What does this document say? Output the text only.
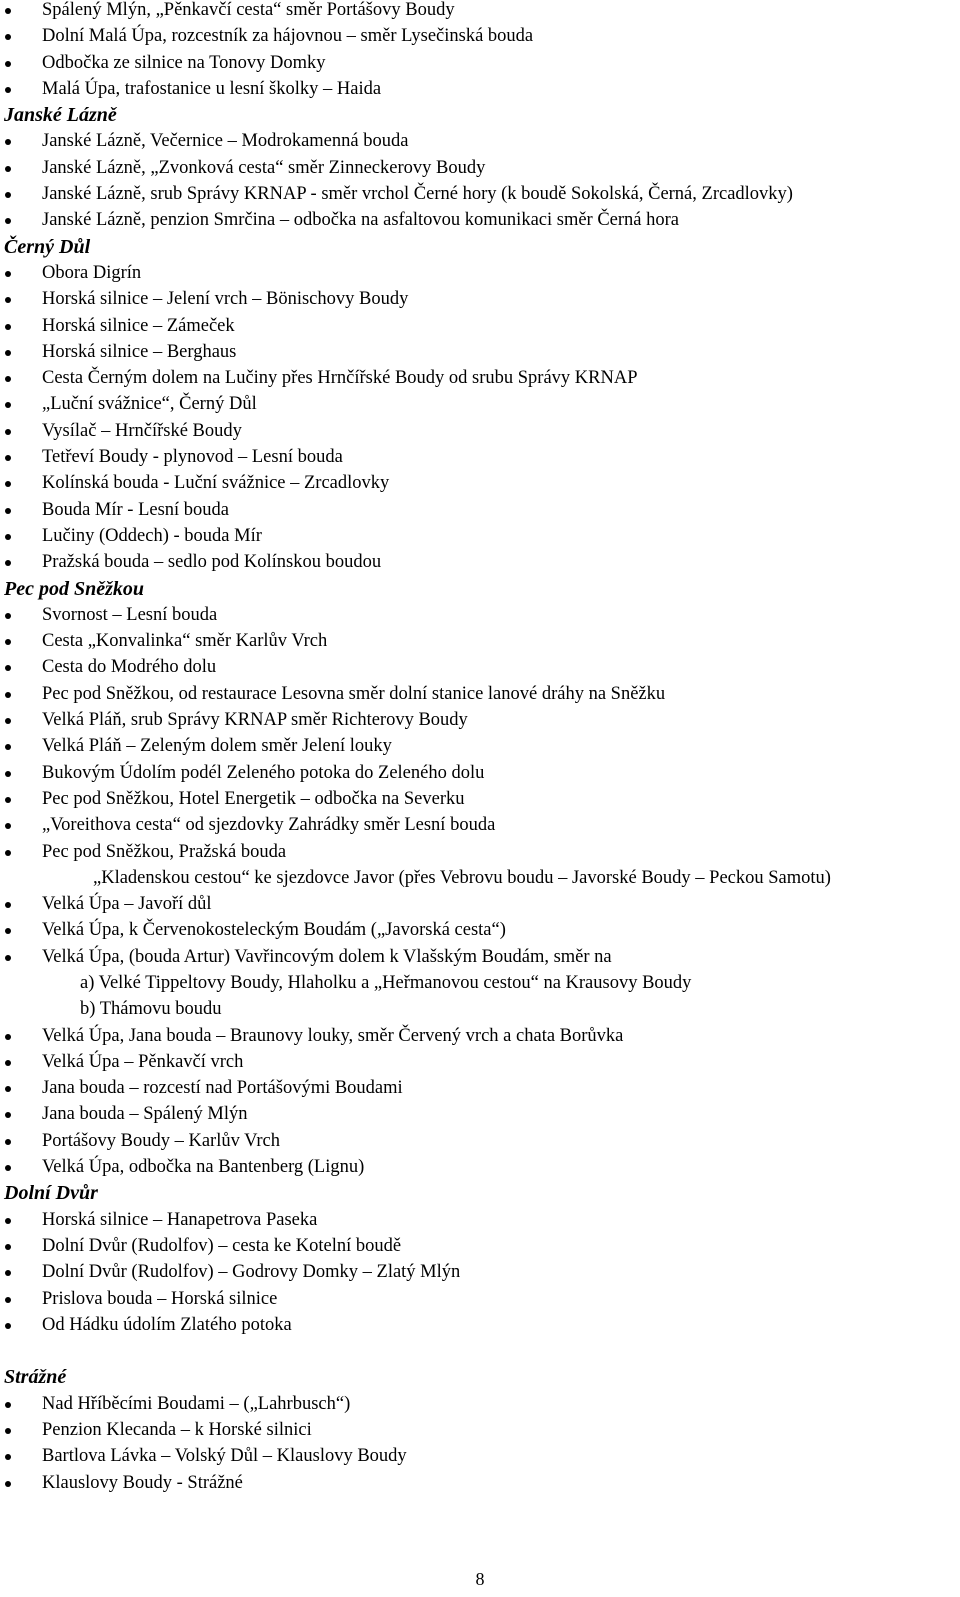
Spálený Mlýn, „Pěnkavčí cesta“ směr Portášovy Boudy
Dolní Malá Úpa, rozcestník za hájovnou – směr Lysečinská bouda
Odbočka ze silnice na Tonovy Domky
Malá Úpa, trafostanice u lesní školky – Haida
Janské Lázně
Janské Lázně, Večernice – Modrokamenná bouda
Janské Lázně, „Zvonková cesta“ směr Zinneckerovy Boudy
Janské Lázně, srub Správy KRNAP - směr vrchol Černé hory (k boudě Sokolská, Černá, Zrcadlovky)
Janské Lázně, penzion Smrčina – odbočka na asfaltovou komunikaci směr Černá hora
Černý Důl
Obora Digrín
Horská silnice – Jelení vrch – Bönischovy Boudy
Horská silnice – Zámeček
Horská silnice – Berghaus
Cesta Černým dolem na Lučiny přes Hrnčířské Boudy od srubu Správy KRNAP
„Luční svážnice“, Černý Důl
Vysílač – Hrnčířské Boudy
Tetřeví Boudy - plynovod – Lesní bouda
Kolínská bouda - Luční svážnice – Zrcadlovky
Bouda Mír - Lesní bouda
Lučiny (Oddech) - bouda Mír
Pražská bouda – sedlo pod Kolínskou boudou
Pec pod Sněžkou
Svornost – Lesní bouda
Cesta „Konvalinka“ směr Karlův Vrch
Cesta do Modrého dolu
Pec pod Sněžkou, od restaurace Lesovna směr dolní stanice lanové dráhy na Sněžku
Velká Pláň, srub Správy KRNAP směr Richterovy Boudy
Velká Pláň – Zeleným dolem směr Jelení louky
Bukovým Údolím podél Zeleného potoka do Zeleného dolu
Pec pod Sněžkou, Hotel Energetik – odbočka na Severku
„Voreithova cesta“ od sjezdovky Zahrádky směr Lesní bouda
Pec pod Sněžkou, Pražská bouda
„Kladenskou cestou“ ke sjezdovce Javor (přes Vebrovu boudu – Javorské Boudy – Peckou Samotu)
Velká Úpa – Javoří důl
Velká Úpa, k Červenokosteleckým Boudám („Javorská cesta“)
Velká Úpa, (bouda Artur) Vavřincovým dolem k Vlašským Boudám, směr na
a) Velké Tippeltovy Boudy, Hlaholku a „Heřmanovou cestou“ na Krausovy Boudy
b) Thámovu boudu
Velká Úpa, Jana bouda – Braunovy louky, směr Červený vrch a chata Borůvka
Velká Úpa – Pěnkavčí vrch
Jana bouda – rozcestí nad Portášovými Boudami
Jana bouda – Spálený Mlýn
Portášovy Boudy – Karlův Vrch
Velká Úpa, odbočka na Bantenberg (Lignu)
Dolní Dvůr
Horská silnice – Hanapetrova Paseka
Dolní Dvůr (Rudolfov) – cesta ke Kotelní boudě
Dolní Dvůr (Rudolfov) – Godrovy Domky – Zlatý Mlýn
Prislova bouda – Horská silnice
Od Hádku údolím Zlatého potoka
Strážné
Nad Hříběcími Boudami – („Lahrbusch“)
Penzion Klecanda – k Horské silnici
Bartlova Lávka – Volský Důl – Klauslovy Boudy
Klauslovy Boudy - Strážné
8
